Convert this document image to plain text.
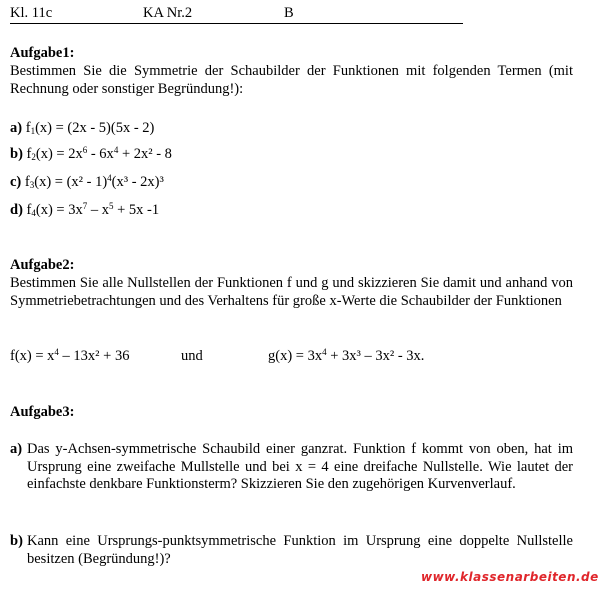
Kl. 11c	KA Nr.2	B
Aufgabe1:
Bestimmen Sie die Symmetrie der Schaubilder der Funktionen mit folgenden Termen (mit Rechnung oder sonstiger Begründung!):
a) $f_1(x) = (2x - 5)(5x - 2)$
b) $f_2(x) = 2x^6 - 6x^4 + 2x^2 - 8$
c) $f_3(x) = (x^2 - 1)^4(x^3 - 2x)^3$
d) $f_4(x) = 3x^7 - x^5 + 5x$ -1
Aufgabe2:
Bestimmen Sie alle Nullstellen der Funktionen f und g und skizzieren Sie damit und anhand von Symmetriebetrachtungen und des Verhaltens für große x-Werte die Schaubilder der Funktionen
$f(x) = x^4 - 13x^2 + 36$	und	$g(x) = 3x^4 + 3x^3 - 3x^2 - 3x$.
Aufgabe3:
a) Das y-Achsen-symmetrische Schaubild einer ganzrat. Funktion f kommt von oben, hat im Ursprung eine zweifache Mullstelle und bei x = 4 eine dreifache Nullstelle. Wie lautet der einfachste denkbare Funktionsterm? Skizzieren Sie den zugehörigen Kurvenverlauf.
b) Kann eine Ursprungs-punktsymmetrische Funktion im Ursprung eine doppelte Nullstelle besitzen (Begründung!)?
www.klassenarbeiten.de
